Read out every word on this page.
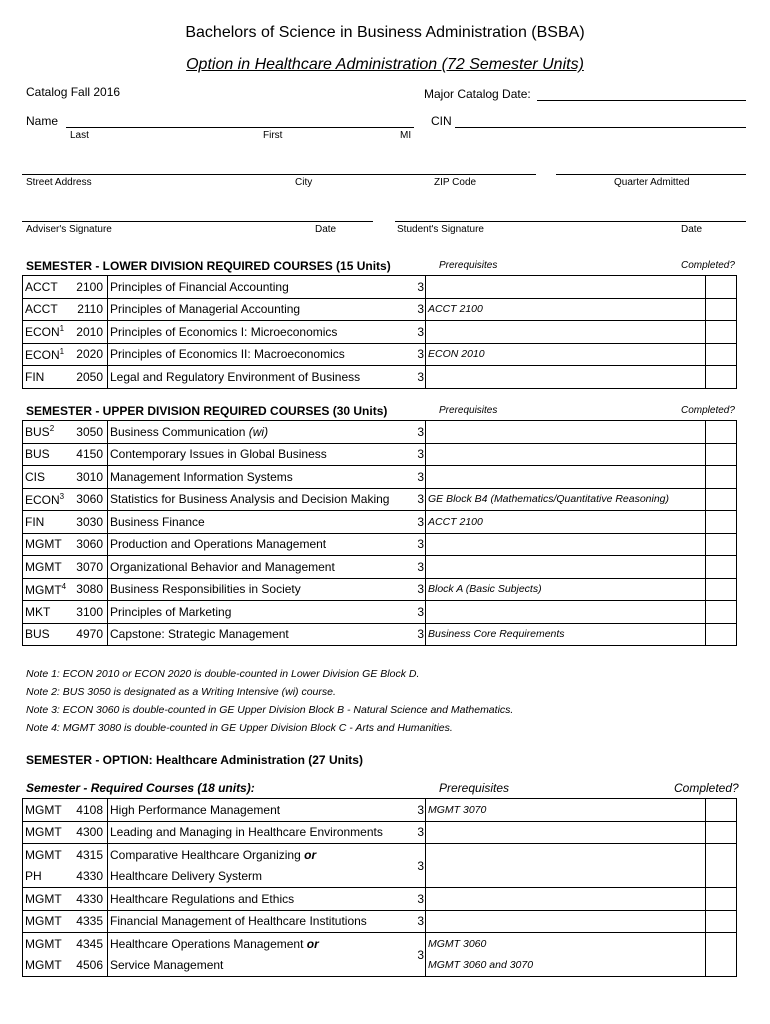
Bachelors of Science in Business Administration (BSBA)
Option in Healthcare Administration (72 Semester Units)
Catalog Fall 2016	Major Catalog Date:
Name	CIN
Last	First	MI
Street Address	City	ZIP Code	Quarter Admitted
Adviser's Signature	Date	Student's Signature	Date
SEMESTER - LOWER DIVISION REQUIRED COURSES (15 Units)	Prerequisites	Completed?
ACCT	2100	Principles of Financial Accounting	3		
ACCT	2110	Principles of Managerial Accounting	3	ACCT 2100	
ECON$^1$	2010	Principles of Economics I: Microeconomics	3		
ECON$^1$	2020	Principles of Economics II: Macroeconomics	3	ECON 2010	
FIN	2050	Legal and Regulatory Environment of Business	3		
SEMESTER - UPPER DIVISION REQUIRED COURSES (30 Units)	Prerequisites	Completed?
BUS$^2$	3050	Business Communication (wi)	3		
BUS	4150	Contemporary Issues in Global Business	3		
CIS	3010	Management Information Systems	3		
ECON$^3$	3060	Statistics for Business Analysis and Decision Making	3	GE Block B4 (Mathematics/Quantitative Reasoning)	
FIN	3030	Business Finance	3	ACCT 2100	
MGMT	3060	Production and Operations Management	3		
MGMT	3070	Organizational Behavior and Management	3		
MGMT$^4$	3080	Business Responsibilities in Society	3	Block A (Basic Subjects)	
MKT	3100	Principles of Marketing	3		
BUS	4970	Capstone: Strategic Management	3	Business Core Requirements	
Note 1: ECON 2010 or ECON 2020 is double-counted in Lower Division GE Block D.
Note 2: BUS 3050 is designated as a Writing Intensive (wi) course.
Note 3: ECON 3060 is double-counted in GE Upper Division Block B - Natural Science and Mathematics.
Note 4: MGMT 3080 is double-counted in GE Upper Division Block C - Arts and Humanities.
SEMESTER - OPTION: Healthcare Administration (27 Units)
Semester - Required Courses (18 units):	Prerequisites	Completed?
MGMT	4108	High Performance Management	3	MGMT 3070	
MGMT	4300	Leading and Managing in Healthcare Environments	3		
MGMT	4315	Comparative Healthcare Organizing or	3		
PH	4330	Healthcare Delivery Systerm			
MGMT	4330	Healthcare Regulations and Ethics	3		
MGMT	4335	Financial Management of Healthcare Institutions	3		
MGMT	4345	Healthcare Operations Management or	3	MGMT 3060	
MGMT	4506	Service Management		MGMT 3060 and 3070	
